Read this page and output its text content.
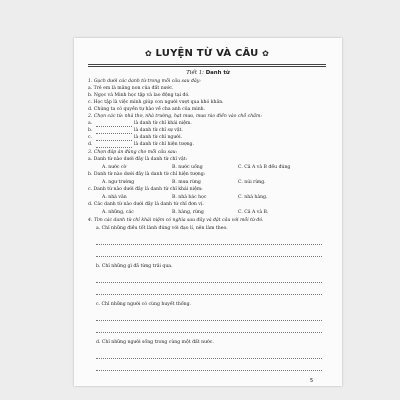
✿ LUYỆN TỪ VÀ CÂU ✿
Tiết 1: Danh từ
1. Gạch dưới các danh từ trong mỗi câu sau đây:
a. Trẻ em là măng non của đất nước.
b. Ngọc và Minh học tập và lao động tại đó.
c. Học tập là việc mình giúp con người vượt qua khó khăn.
d. Chúng ta có quyền tự hào về cha anh của mình.
2. Chọn các từ: nhà thơ, nhà trường, hạt mưa, mưa rào điền vào chỗ chấm:
a.	là danh từ chỉ khái niệm.
b.	là danh từ chỉ sự vật.
c.	là danh từ chỉ người.
d.	là danh từ chỉ hiện tượng.
3. Chọn đáp án đúng cho mỗi câu sau:
a. Danh từ nào dưới đây là danh từ chỉ vật:
A. nước cờ	B. nước uống	C. Cả A và B đều đúng
b. Danh từ nào dưới đây là danh từ chỉ hiện tượng:
A. ngư trường	B. mưa rừng	C. núi rừng.
c. Danh từ nào dưới đây là danh từ chỉ khái niệm:
A. nhà văn	B. nhà bác học	C. nhà hàng.
d. Các danh từ nào dưới đây là danh từ chỉ đơn vị.
A. những, các	B. hàng, rừng	C. Cả A và B.
4. Tìm các danh từ chỉ khái niệm có nghĩa sau đây và đặt câu với mỗi từ đó.
a. Chỉ những điều tốt lành đúng với đạo lí, nên làm theo.
b. Chỉ những gì đã từng trải qua.
c. Chỉ những người có cùng huyết thống.
d. Chỉ những người sống trong cùng một đất nước.
5
